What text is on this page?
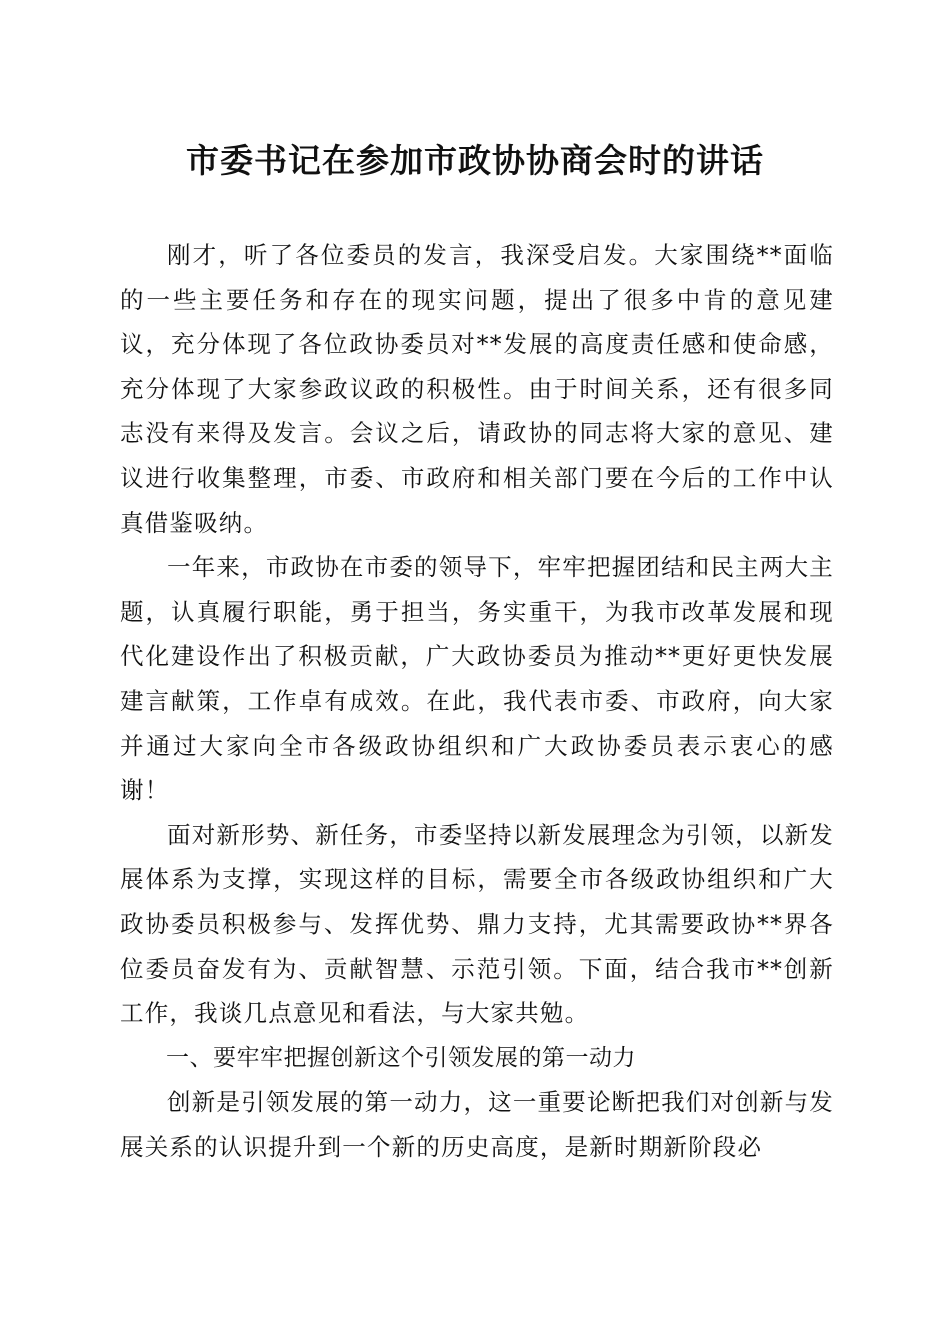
市委书记在参加市政协协商会时的讲话

刚才，听了各位委员的发言，我深受启发。大家围绕**面临的一些主要任务和存在的现实问题，提出了很多中肯的意见建议，充分体现了各位政协委员对**发展的高度责任感和使命感，充分体现了大家参政议政的积极性。由于时间关系，还有很多同志没有来得及发言。会议之后，请政协的同志将大家的意见、建议进行收集整理，市委、市政府和相关部门要在今后的工作中认真借鉴吸纳。

一年来，市政协在市委的领导下，牢牢把握团结和民主两大主题，认真履行职能，勇于担当，务实重干，为我市改革发展和现代化建设作出了积极贡献，广大政协委员为推动**更好更快发展建言献策，工作卓有成效。在此，我代表市委、市政府，向大家并通过大家向全市各级政协组织和广大政协委员表示衷心的感谢！

面对新形势、新任务，市委坚持以新发展理念为引领，以新发展体系为支撑，实现这样的目标，需要全市各级政协组织和广大政协委员积极参与、发挥优势、鼎力支持，尤其需要政协**界各位委员奋发有为、贡献智慧、示范引领。下面，结合我市**创新工作，我谈几点意见和看法，与大家共勉。

一、要牢牢把握创新这个引领发展的第一动力

创新是引领发展的第一动力，这一重要论断把我们对创新与发展关系的认识提升到一个新的历史高度，是新时期新阶段必
